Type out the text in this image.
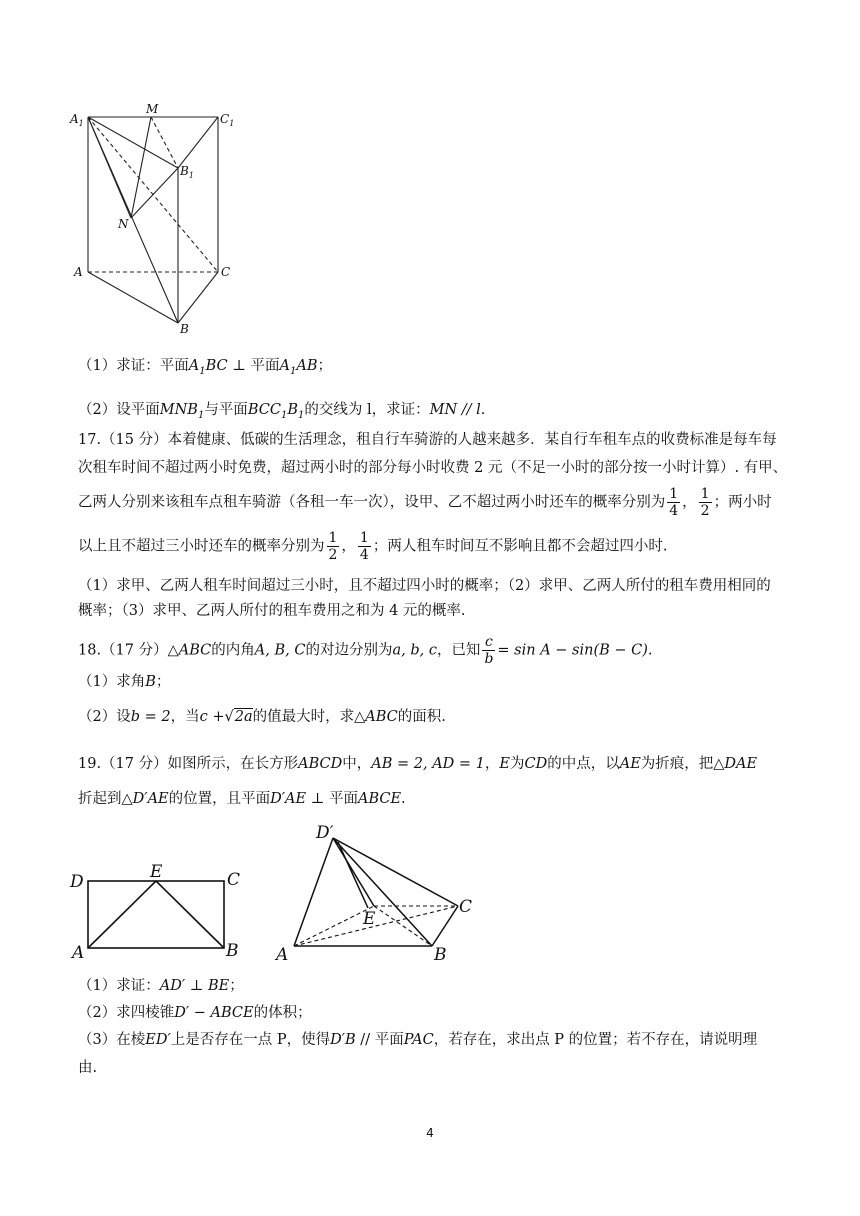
$A_1$
M
$C_1$
$B_1$
N
A	C
B
（1）求证：平面$A_1BC$ ⊥ 平面$A_1AB$；
（2）设平面$MNB_1$与平面$BCC_1B_1$的交线为 l，求证：MN // l.
17.（15 分）本着健康、低碳的生活理念，租自行车骑游的人越来越多．某自行车租车点的收费标准是每车每
次租车时间不超过两小时免费，超过两小时的部分每小时收费 2 元（不足一小时的部分按一小时计算）. 有甲、
乙两人分别来该租车点租车骑游（各租一车一次），设甲、乙不超过两小时还车的概率分别为 $\frac{1}{4}$ ， $\frac{1}{2}$ ；两小时
以上且不超过三小时还车的概率分别为 $\frac{1}{2}$ ， $\frac{1}{4}$ ；两人租车时间互不影响且都不会超过四小时.
（1）求甲、乙两人租车时间超过三小时，且不超过四小时的概率；（2）求甲、乙两人所付的租车费用相同的
概率；（3）求甲、乙两人所付的租车费用之和为 4 元的概率.
18.（17 分）△ABC的内角A, B, C的对边分别为a, b, c，已知 $\frac{c}{b} = \sin A - \sin(B - C)$.
（1）求角B；
（2）设b = 2，当c +√2a的值最大时，求△ABC的面积.
19.（17 分）如图所示，在长方形ABCD中，AB = 2, AD = 1，E为CD的中点，以AE为折痕，把△DAE
折起到△D′AE的位置，且平面D′AE ⊥ 平面ABCE.
D	E	C
A	B
D′
E
C
A	B
（1）求证：AD′ ⊥ BE；
（2）求四棱锥D′ − ABCE的体积；
（3）在棱ED′上是否存在一点 P，使得D′B // 平面PAC，若存在，求出点 P 的位置；若不存在，请说明理
由.
4
